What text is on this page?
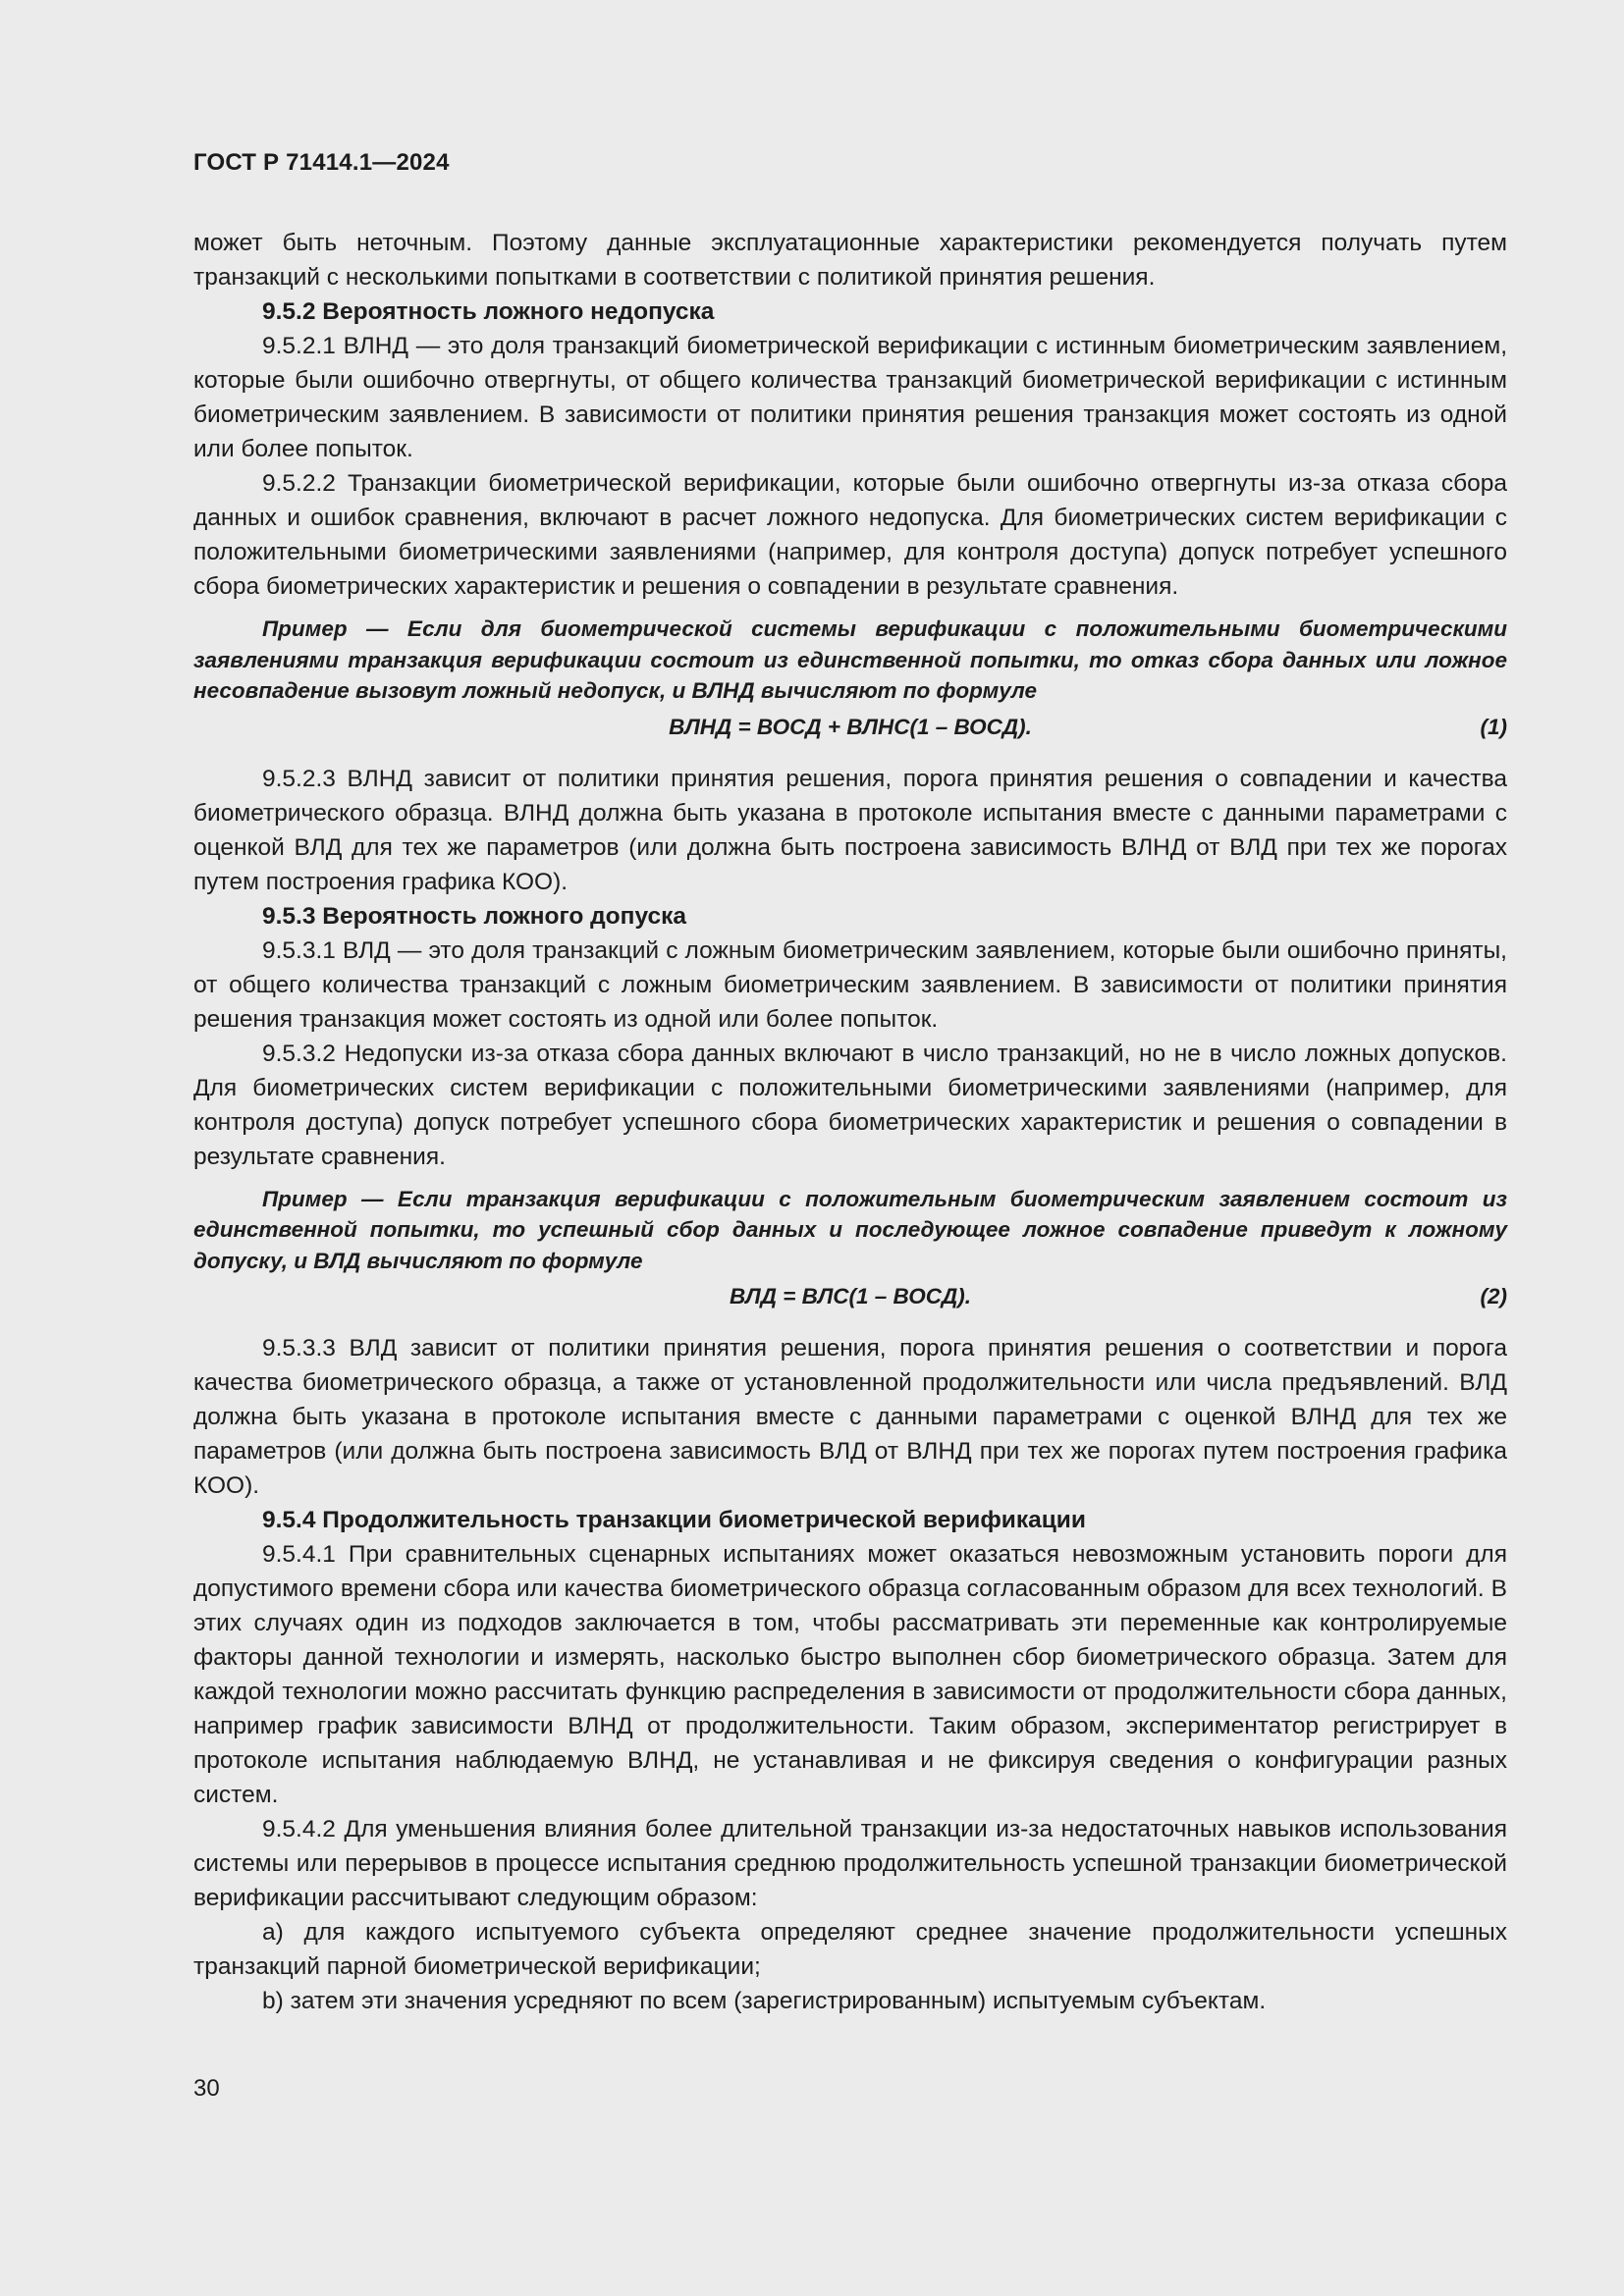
ГОСТ Р 71414.1—2024

может быть неточным. Поэтому данные эксплуатационные характеристики рекомендуется получать путем транзакций с несколькими попытками в соответствии с политикой принятия решения.

9.5.2 Вероятность ложного недопуска

9.5.2.1 ВЛНД — это доля транзакций биометрической верификации с истинным биометрическим заявлением, которые были ошибочно отвергнуты, от общего количества транзакций биометрической верификации с истинным биометрическим заявлением. В зависимости от политики принятия решения транзакция может состоять из одной или более попыток.

9.5.2.2 Транзакции биометрической верификации, которые были ошибочно отвергнуты из-за отказа сбора данных и ошибок сравнения, включают в расчет ложного недопуска. Для биометрических систем верификации с положительными биометрическими заявлениями (например, для контроля доступа) допуск потребует успешного сбора биометрических характеристик и решения о совпадении в результате сравнения.

Пример — Если для биометрической системы верификации с положительными биометрическими заявлениями транзакция верификации состоит из единственной попытки, то отказ сбора данных или ложное несовпадение вызовут ложный недопуск, и ВЛНД вычисляют по формуле

ВЛНД = ВОСД + ВЛНС(1 – ВОСД).	(1)

9.5.2.3 ВЛНД зависит от политики принятия решения, порога принятия решения о совпадении и качества биометрического образца. ВЛНД должна быть указана в протоколе испытания вместе с данными параметрами с оценкой ВЛД для тех же параметров (или должна быть построена зависимость ВЛНД от ВЛД при тех же порогах путем построения графика КОО).

9.5.3 Вероятность ложного допуска

9.5.3.1 ВЛД — это доля транзакций с ложным биометрическим заявлением, которые были ошибочно приняты, от общего количества транзакций с ложным биометрическим заявлением. В зависимости от политики принятия решения транзакция может состоять из одной или более попыток.

9.5.3.2 Недопуски из-за отказа сбора данных включают в число транзакций, но не в число ложных допусков. Для биометрических систем верификации с положительными биометрическими заявлениями (например, для контроля доступа) допуск потребует успешного сбора биометрических характеристик и решения о совпадении в результате сравнения.

Пример — Если транзакция верификации с положительным биометрическим заявлением состоит из единственной попытки, то успешный сбор данных и последующее ложное совпадение приведут к ложному допуску, и ВЛД вычисляют по формуле

ВЛД = ВЛС(1 – ВОСД).	(2)

9.5.3.3 ВЛД зависит от политики принятия решения, порога принятия решения о соответствии и порога качества биометрического образца, а также от установленной продолжительности или числа предъявлений. ВЛД должна быть указана в протоколе испытания вместе с данными параметрами с оценкой ВЛНД для тех же параметров (или должна быть построена зависимость ВЛД от ВЛНД при тех же порогах путем построения графика КОО).

9.5.4 Продолжительность транзакции биометрической верификации

9.5.4.1 При сравнительных сценарных испытаниях может оказаться невозможным установить пороги для допустимого времени сбора или качества биометрического образца согласованным образом для всех технологий. В этих случаях один из подходов заключается в том, чтобы рассматривать эти переменные как контролируемые факторы данной технологии и измерять, насколько быстро выполнен сбор биометрического образца. Затем для каждой технологии можно рассчитать функцию распределения в зависимости от продолжительности сбора данных, например график зависимости ВЛНД от продолжительности. Таким образом, экспериментатор регистрирует в протоколе испытания наблюдаемую ВЛНД, не устанавливая и не фиксируя сведения о конфигурации разных систем.

9.5.4.2 Для уменьшения влияния более длительной транзакции из-за недостаточных навыков использования системы или перерывов в процессе испытания среднюю продолжительность успешной транзакции биометрической верификации рассчитывают следующим образом:

a) для каждого испытуемого субъекта определяют среднее значение продолжительности успешных транзакций парной биометрической верификации;

b) затем эти значения усредняют по всем (зарегистрированным) испытуемым субъектам.

30
